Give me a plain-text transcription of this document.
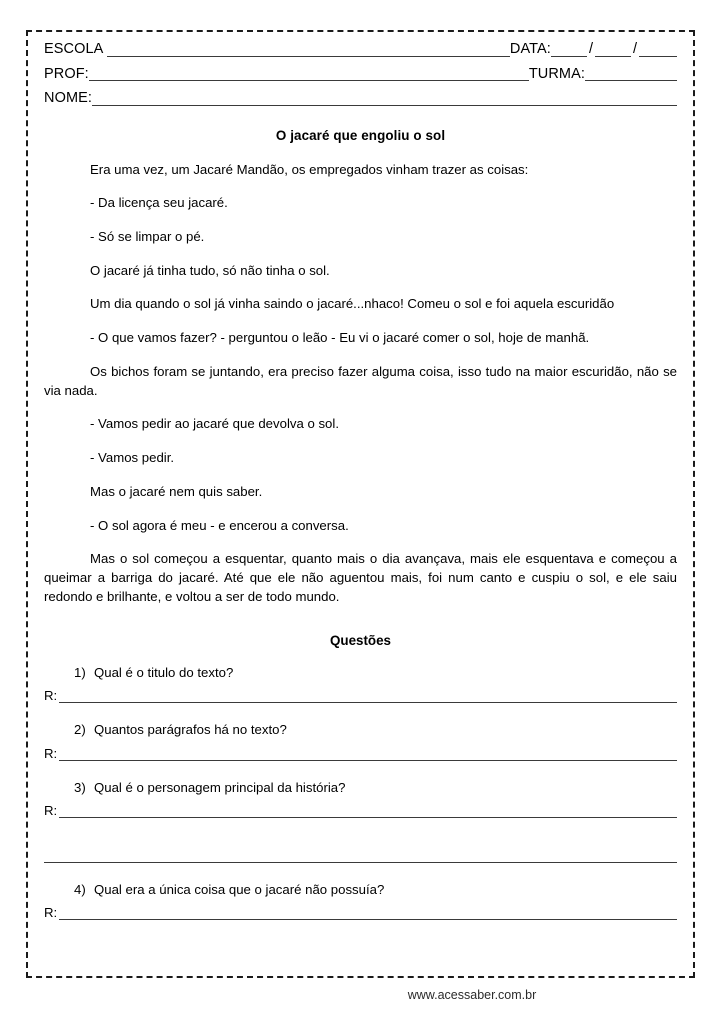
ESCOLA	DATA:	/	/
PROF:	TURMA:
NOME:
O jacaré que engoliu o sol

Era uma vez, um Jacaré Mandão, os empregados vinham trazer as coisas:

- Da licença seu jacaré.

- Só se limpar o pé.

O jacaré já tinha tudo, só não tinha o sol.

Um dia quando o sol já vinha saindo o jacaré...nhaco! Comeu o sol e foi aquela escuridão

- O que vamos fazer? - perguntou o leão - Eu vi o jacaré comer o sol, hoje de manhã.

Os bichos foram se juntando, era preciso fazer alguma coisa, isso tudo na maior escuridão, não se via nada.

- Vamos pedir ao jacaré que devolva o sol.

- Vamos pedir.

Mas o jacaré nem quis saber.

- O sol agora é meu - e encerou a conversa.

Mas o sol começou a esquentar, quanto mais o dia avançava, mais ele esquentava e começou a queimar a barriga do jacaré. Até que ele não aguentou mais, foi num canto e cuspiu o sol, e ele saiu redondo e brilhante, e voltou a ser de todo mundo.

Questões
1) Qual é o titulo do texto?
R:
2) Quantos parágrafos há no texto?
R:
3) Qual é o personagem principal da história?
R:
4) Qual era a única coisa que o jacaré não possuía?
R:
www.acessaber.com.br
